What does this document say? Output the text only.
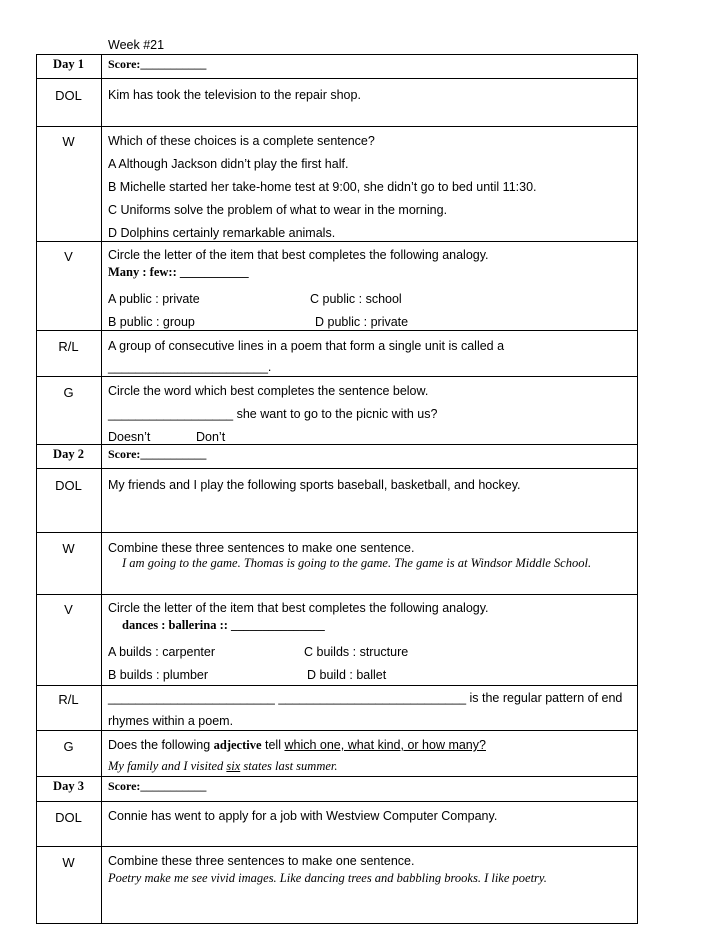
Week #21
Day 1	Score:___________
DOL	Kim has took the television to the repair shop.
W	Which of these choices is a complete sentence?
A Although Jackson didn’t play the first half.
B Michelle started her take-home test at 9:00, she didn’t go to bed until 11:30.
C Uniforms solve the problem of what to wear in the morning.
D Dolphins certainly remarkable animals.
V	Circle the letter of the item that best completes the following analogy.
Many : few:: ___________
A public : private	C public : school
B public : group	D public : private
R/L	A group of consecutive lines in a poem that form a single unit is called a
_______________________.
G	Circle the word which best completes the sentence below.
__________________ she want to go to the picnic with us?
Doesn’t	Don’t
Day 2	Score:___________
DOL	My friends and I play the following sports baseball, basketball, and hockey.
W	Combine these three sentences to make one sentence.
I am going to the game. Thomas is going to the game. The game is at Windsor Middle School.
V	Circle the letter of the item that best completes the following analogy.
dances : ballerina :: _______________
A builds : carpenter	C builds : structure
B builds : plumber	D build : ballet
R/L	________________________ ___________________________ is the regular pattern of end
rhymes within a poem.
G	Does the following adjective tell which one, what kind, or how many?
My family and I visited six states last summer.
Day 3	Score:___________
DOL	Connie has went to apply for a job with Westview Computer Company.
W	Combine these three sentences to make one sentence.
Poetry make me see vivid images. Like dancing trees and babbling brooks. I like poetry.
